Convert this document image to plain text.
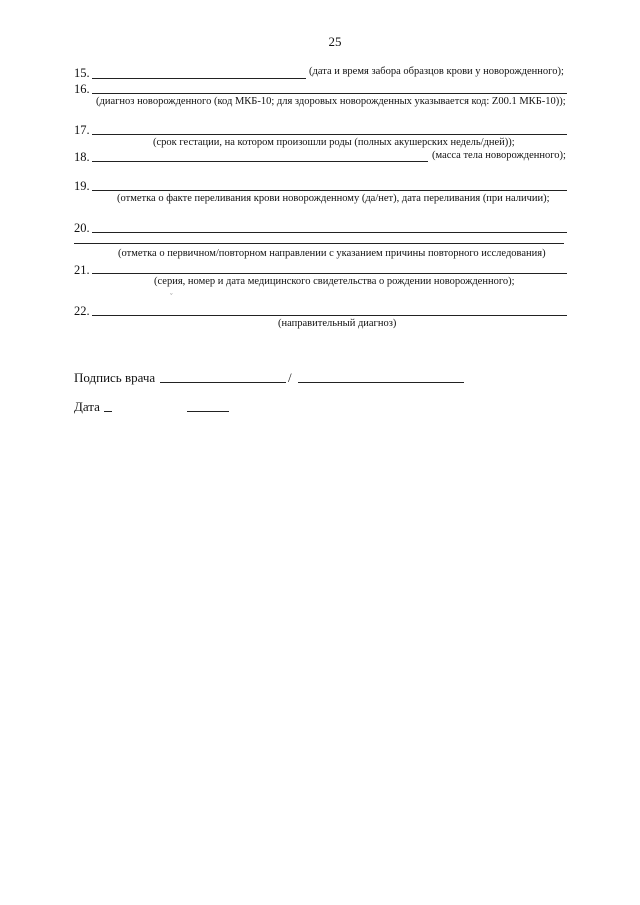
25
15.	(дата и время забора образцов крови у новорожденного);
16.
(диагноз новорожденного (код МКБ-10; для здоровых новорожденных указывается код: Z00.1 МКБ-10));
17.
(срок гестации, на котором произошли роды (полных акушерских недель/дней));
18.	(масса тела новорожденного);
19.
(отметка о факте переливания крови новорожденному (да/нет), дата переливания (при наличии);
20.
(отметка о первичном/повторном направлении с указанием причины повторного исследования)
21.
(серия, номер и дата медицинского свидетельства о рождении новорожденного);
ˇ
22.
(направительный диагноз)
Подпись врача	/
Дата
